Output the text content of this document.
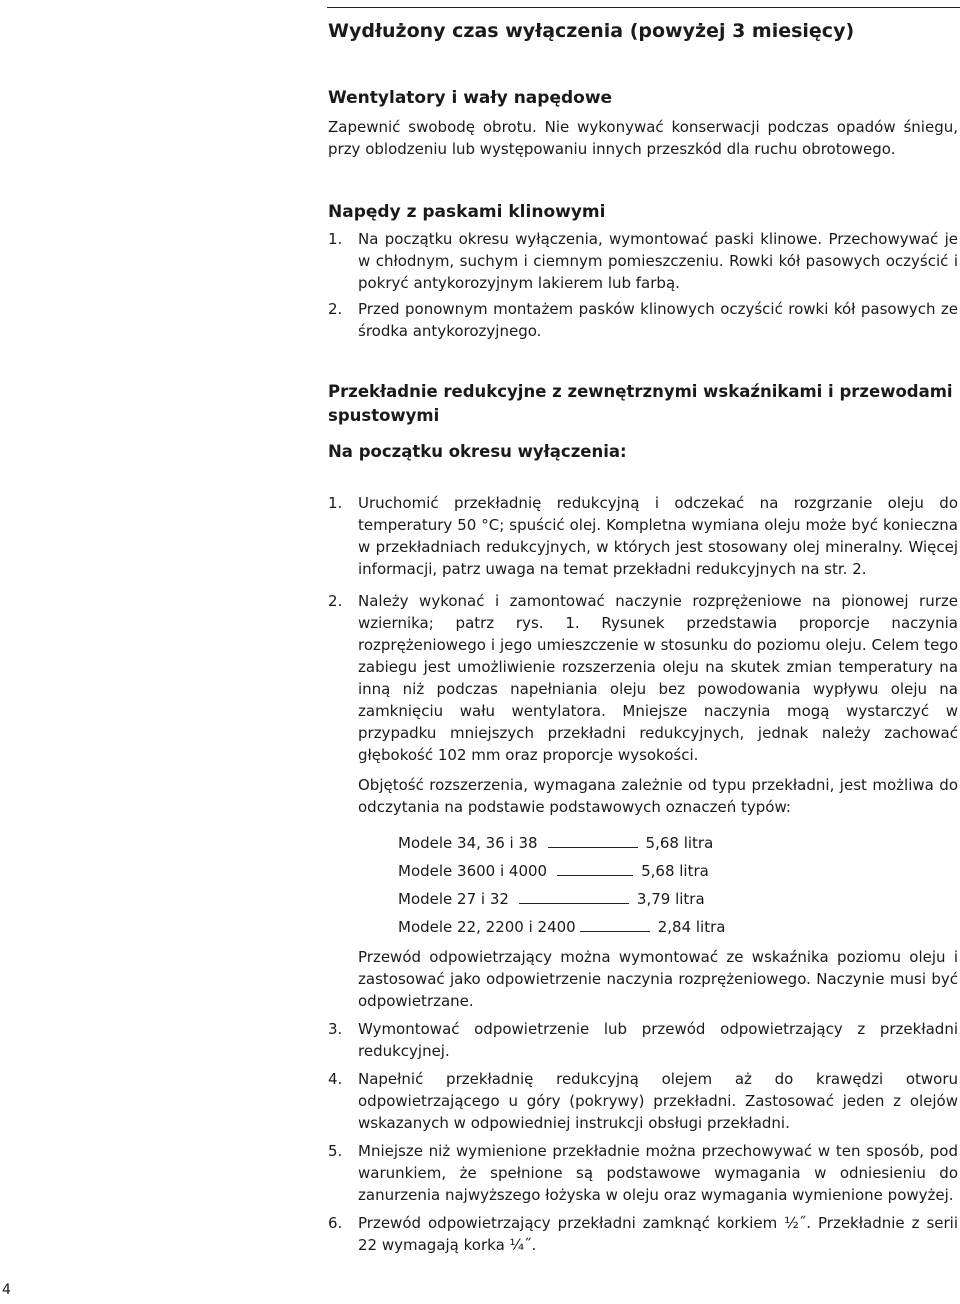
Wydłużony czas wyłączenia (powyżej 3 miesięcy)
Wentylatory i wały napędowe

Zapewnić swobodę obrotu. Nie wykonywać konserwacji podczas opadów śniegu, przy oblodzeniu lub występowaniu innych przeszkód dla ruchu obrotowego.

Napędy z paskami klinowymi
1. Na początku okresu wyłączenia, wymontować paski klinowe. Przechowywać je w chłodnym, suchym i ciemnym pomieszczeniu. Rowki kół pasowych oczyścić i pokryć antykorozyjnym lakierem lub farbą.
2. Przed ponownym montażem pasków klinowych oczyścić rowki kół pasowych ze środka antykorozyjnego.
Przekładnie redukcyjne z zewnętrznymi wskaźnikami i przewodami spustowymi
Na początku okresu wyłączenia:
1. Uruchomić przekładnię redukcyjną i odczekać na rozgrzanie oleju do temperatury 50 °C; spuścić olej. Kompletna wymiana oleju może być konieczna w przekładniach redukcyjnych, w których jest stosowany olej mineralny. Więcej informacji, patrz uwaga na temat przekładni redukcyjnych na str. 2.
2. Należy wykonać i zamontować naczynie rozprężeniowe na pionowej rurze wziernika; patrz rys. 1. Rysunek przedstawia proporcje naczynia rozprężeniowego i jego umieszczenie w stosunku do poziomu oleju. Celem tego zabiegu jest umożliwienie rozszerzenia oleju na skutek zmian temperatury na inną niż podczas napełniania oleju bez powodowania wypływu oleju na zamknięciu wału wentylatora. Mniejsze naczynia mogą wystarczyć w przypadku mniejszych przekładni redukcyjnych, jednak należy zachować głębokość 102 mm oraz proporcje wysokości.

Objętość rozszerzenia, wymagana zależnie od typu przekładni, jest możliwa do odczytania na podstawie podstawowych oznaczeń typów:

Modele 34, 36 i 38	5,68 litra
Modele 3600 i 4000	5,68 litra
Modele 27 i 32	3,79 litra
Modele 22, 2200 i 2400	2,84 litra

Przewód odpowietrzający można wymontować ze wskaźnika poziomu oleju i zastosować jako odpowietrzenie naczynia rozprężeniowego. Naczynie musi być odpowietrzane.

3. Wymontować odpowietrzenie lub przewód odpowietrzający z przekładni redukcyjnej.
4. Napełnić przekładnię redukcyjną olejem aż do krawędzi otworu odpowietrzającego u góry (pokrywy) przekładni. Zastosować jeden z olejów wskazanych w odpowiedniej instrukcji obsługi przekładni.
5. Mniejsze niż wymienione przekładnie można przechowywać w ten sposób, pod warunkiem, że spełnione są podstawowe wymagania w odniesieniu do zanurzenia najwyższego łożyska w oleju oraz wymagania wymienione powyżej.
6. Przewód odpowietrzający przekładni zamknąć korkiem ½˝. Przekładnie z serii 22 wymagają korka ¼˝.
4
